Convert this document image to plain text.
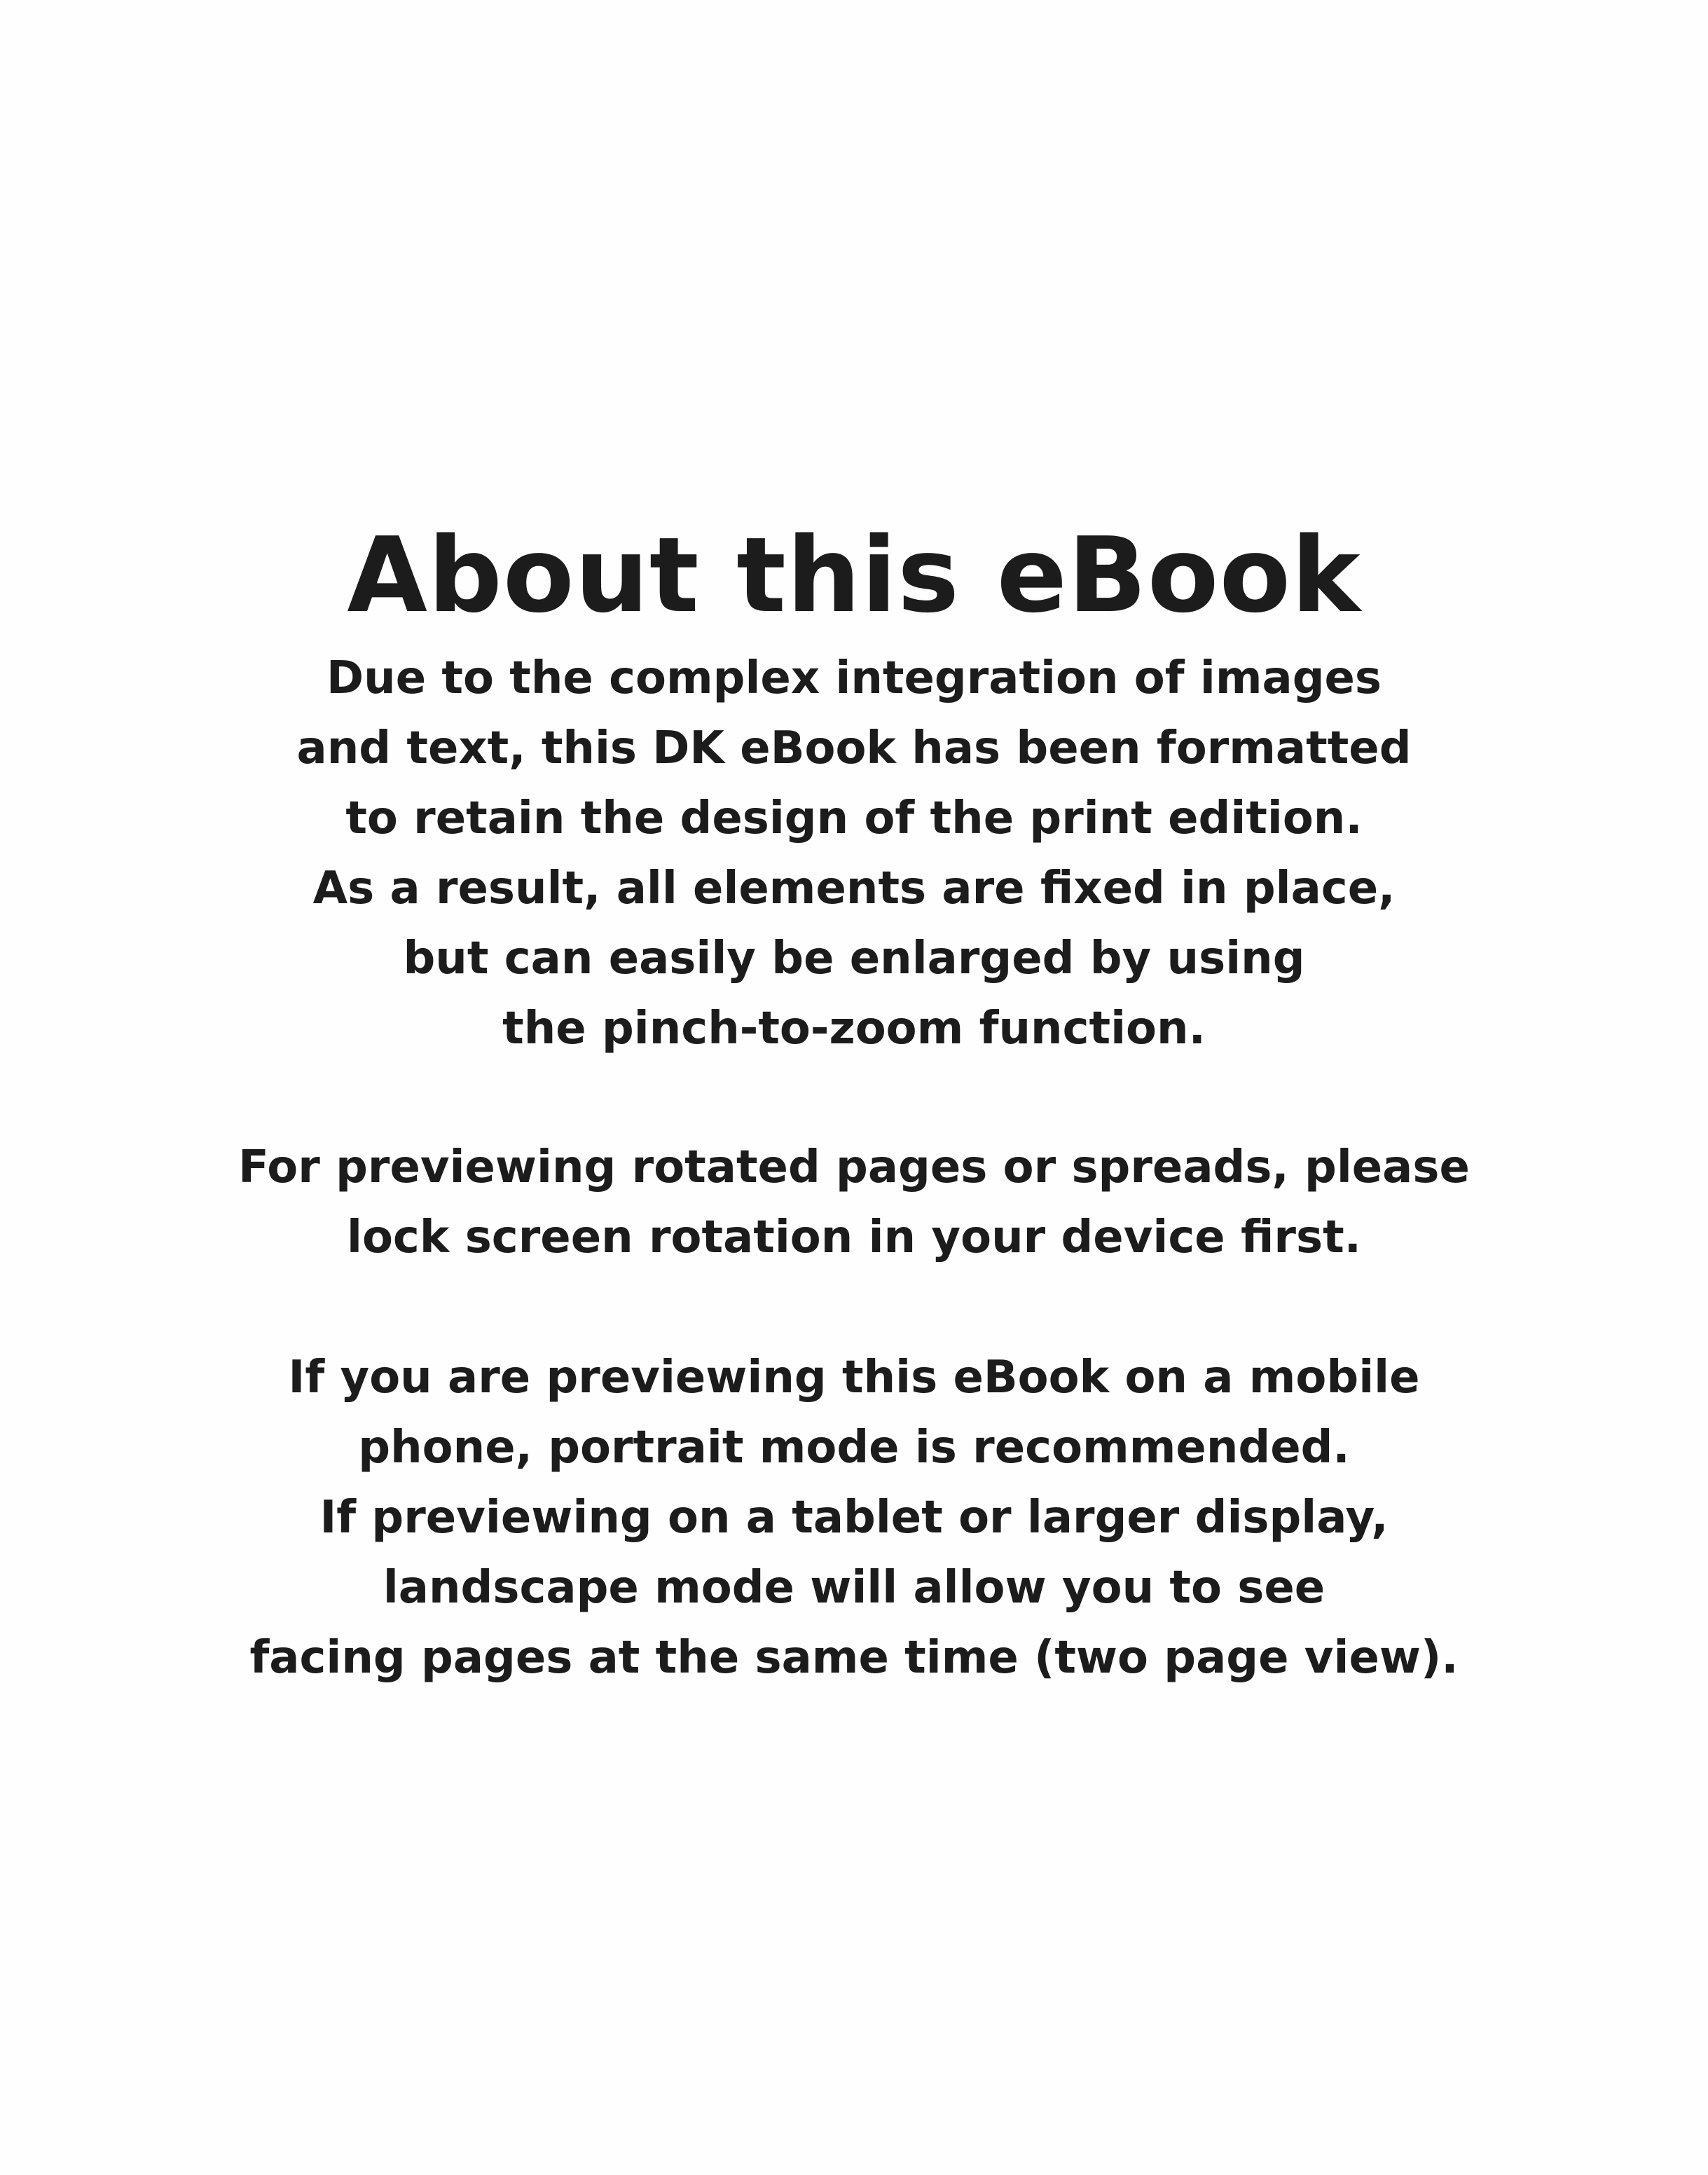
About this eBook
Due to the complex integration of images
and text, this DK eBook has been formatted
to retain the design of the print edition.
As a result, all elements are fixed in place,
but can easily be enlarged by using
the pinch-to-zoom function.
For previewing rotated pages or spreads, please
lock screen rotation in your device first.
If you are previewing this eBook on a mobile
phone, portrait mode is recommended.
If previewing on a tablet or larger display,
landscape mode will allow you to see
facing pages at the same time (two page view).
